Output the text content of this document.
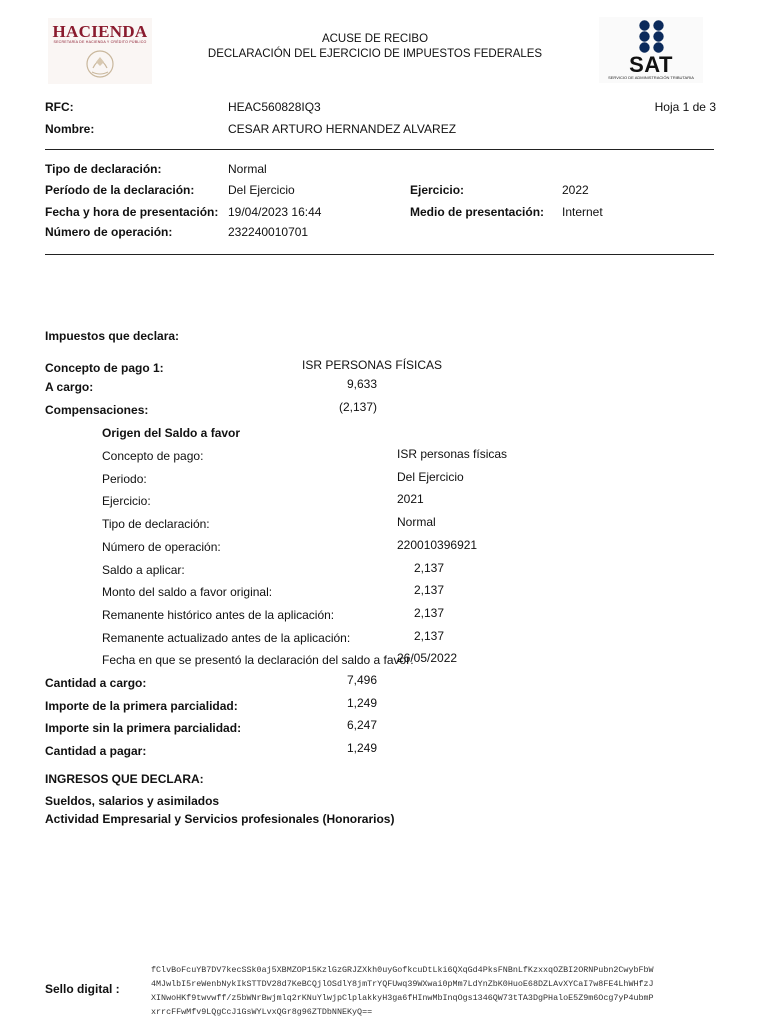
HACIENDA
SECRETARÍA DE HACIENDA Y CRÉDITO PÚBLICO	ACUSE DE RECIBO
DECLARACIÓN DEL EJERCICIO DE IMPUESTOS FEDERALES	SAT
SERVICIO DE ADMINISTRACIÓN TRIBUTARIA
RFC:	HEAC560828IQ3	Hoja 1 de 3
Nombre:	CESAR ARTURO HERNANDEZ ALVAREZ
Tipo de declaración:	Normal
Período de la declaración:	Del Ejercicio	Ejercicio:	2022
Fecha y hora de presentación: 19/04/2023 16:44	Medio de presentación: Internet
Número de operación:	232240010701
Impuestos que declara:
Concepto de pago 1:	ISR PERSONAS FÍSICAS
A cargo:	9,633
Compensaciones:	(2,137)
Origen del Saldo a favor
Concepto de pago:	ISR personas físicas
Periodo:	Del Ejercicio
Ejercicio:	2021
Tipo de declaración:	Normal
Número de operación:	220010396921
Saldo a aplicar:	2,137
Monto del saldo a favor original:	2,137
Remanente histórico antes de la aplicación:	2,137
Remanente actualizado antes de la aplicación:	2,137
Fecha en que se presentó la declaración del saldo a favor:
26/05/2022
Cantidad a cargo:	7,496
Importe de la primera parcialidad:	1,249
Importe sin la primera parcialidad:	6,247
Cantidad a pagar:	1,249
INGRESOS QUE DECLARA:
Sueldos, salarios y asimilados
Actividad Empresarial y Servicios profesionales (Honorarios)
Sello digital :
fClvBoFcuYB7DV7kecSSk0aj5XBMZOP15KzlGzGRJZXkh0uyGofkcuDtLki6QXqGd4PksFNBnLfKzxxqOZBI2ORNPubn2CwybFbW
4MJwlbI5reWenbNykIkSTTDV28d7KeBCQjlOSdlY8jmTrYQFUwq39WXwai0pMm7LdYnZbK0HuoE68DZLAvXYCaI7w8FE4LhWHfzJ
XINwoHKf9twvwff/z5bWNrBwjmlq2rKNuYlwjpClplakkyH3ga6fHInwMbInqOgs1346QW73tTA3DgPHaloE5Z9m6Ocg7yP4ubmP
xrrcFFwMfv9LQgCcJ1GsWYLvxQGr8g96ZTDbNNEKyQ==
